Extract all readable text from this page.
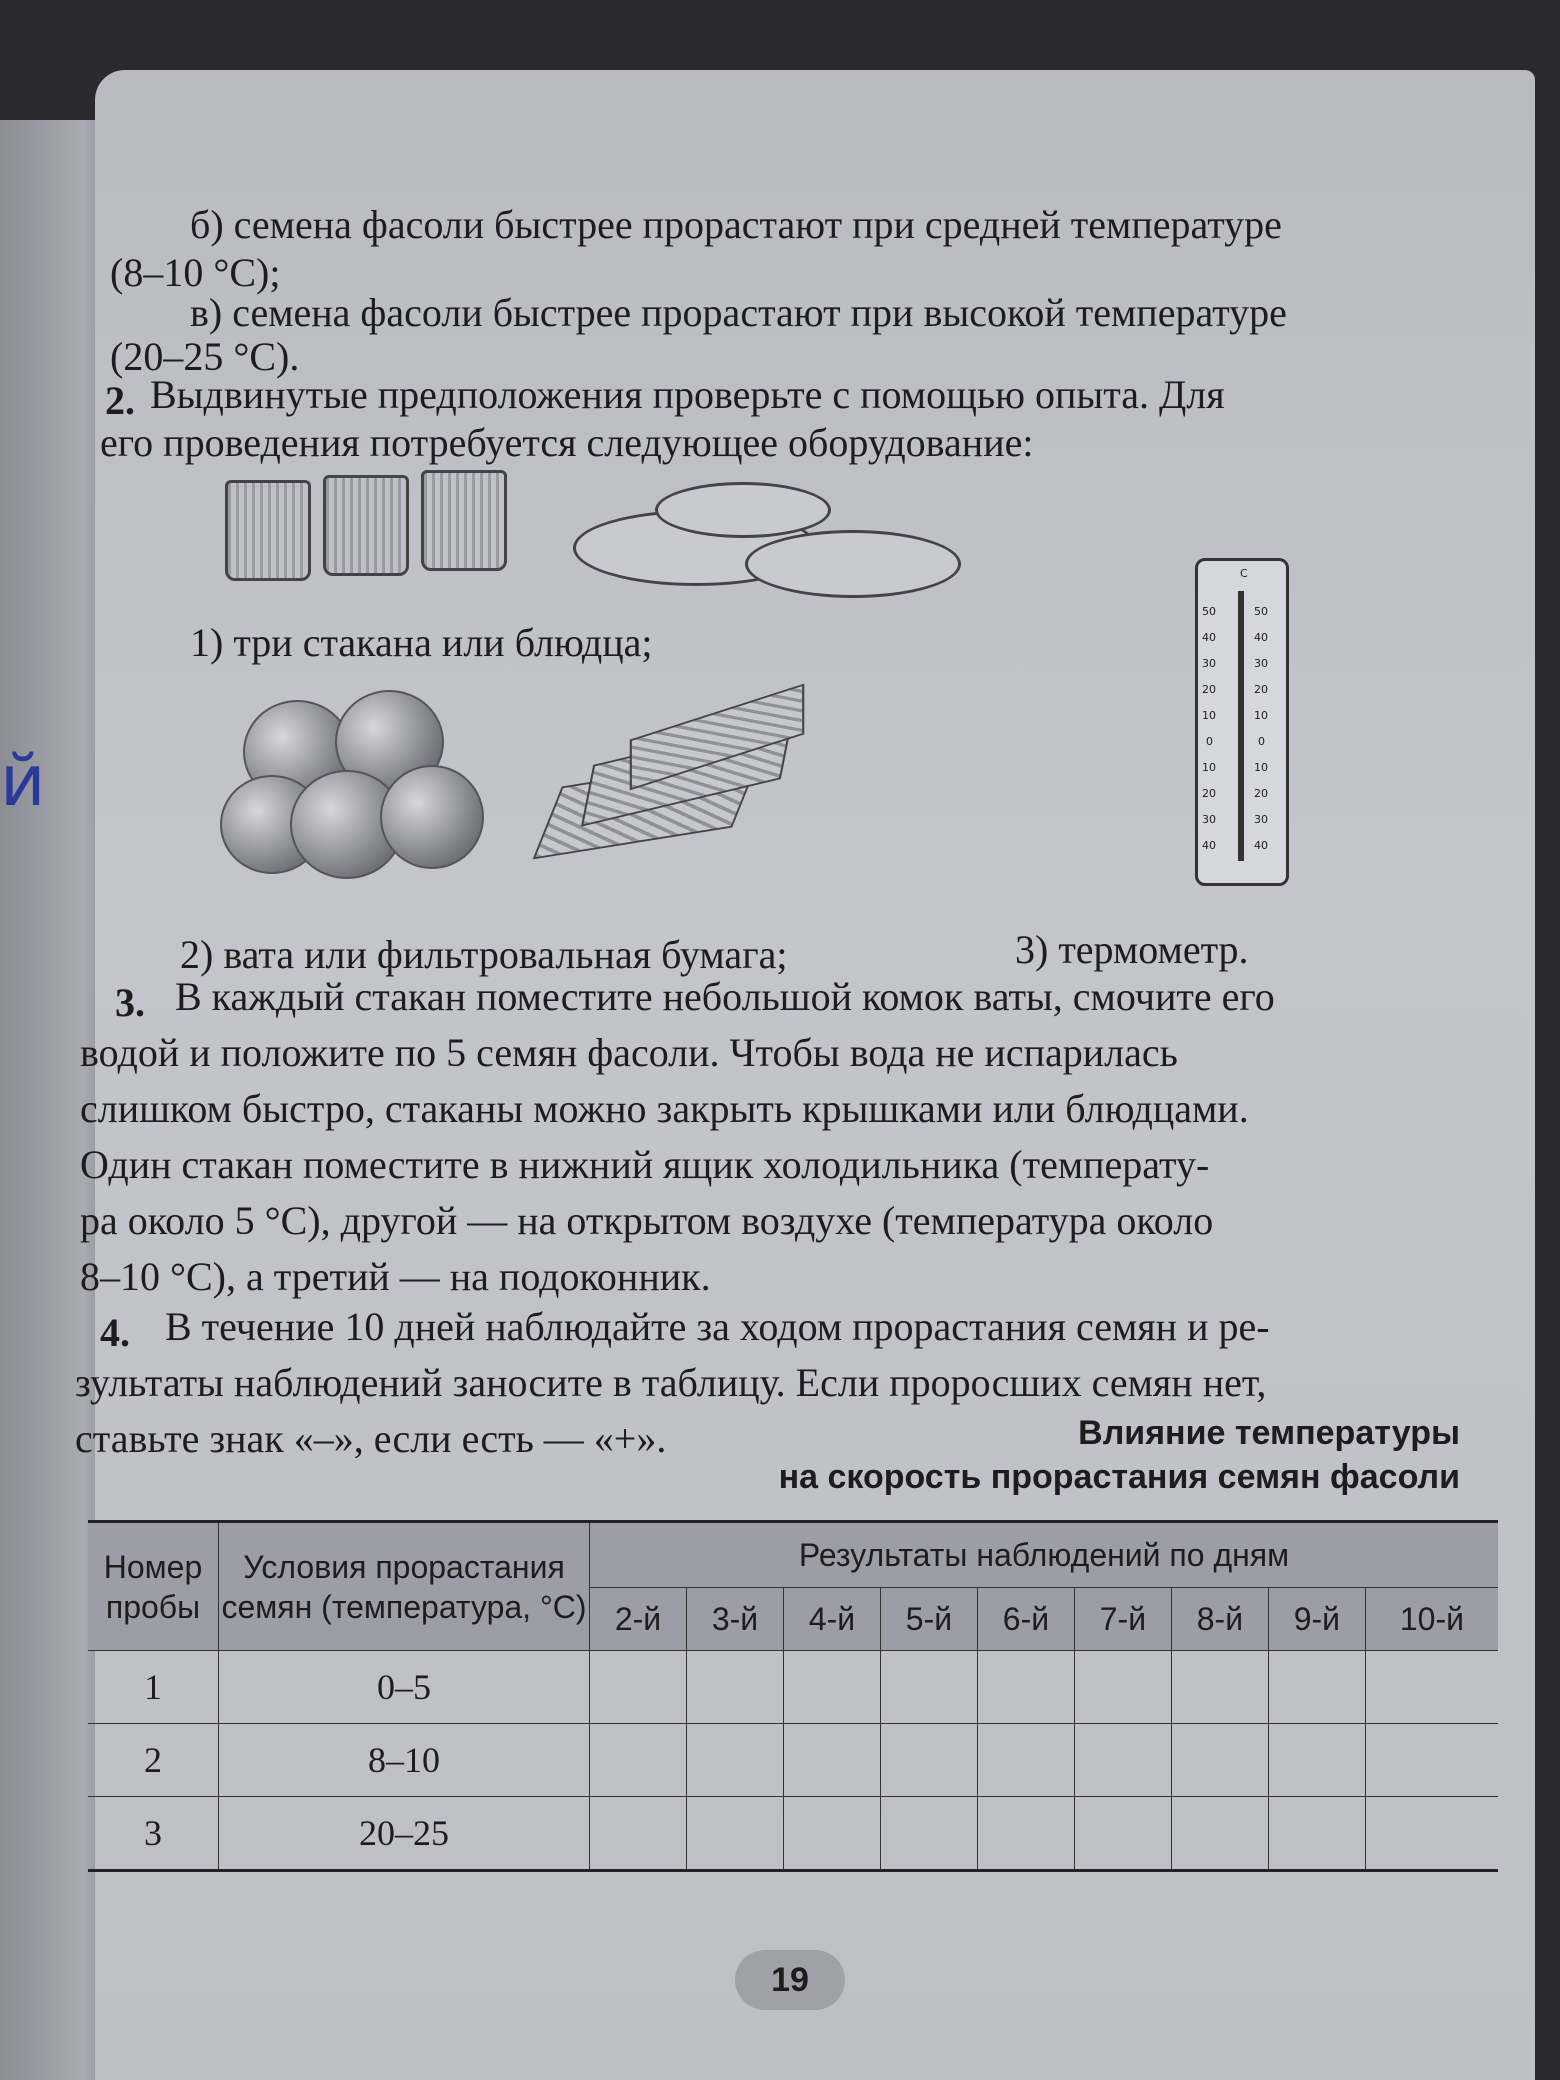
й
б) семена фасоли быстрее прорастают при средней температуре
(8–10 °С);
в) семена фасоли быстрее прорастают при высокой температуре
(20–25 °С).
2. Выдвинутые предположения проверьте с помощью опыта. Для
его проведения потребуется следующее оборудование:
1) три стакана или блюдца;
C
50
40
30
20
10
0
10
20
30
40
50
40
30
20
10
0
10
20
30
40
2) вата или фильтровальная бумага;	3) термометр.
3. В каждый стакан поместите небольшой комок ваты, смочите его
водой и положите по 5 семян фасоли. Чтобы вода не испарилась
слишком быстро, стаканы можно закрыть крышками или блюдцами.
Один стакан поместите в нижний ящик холодильника (температу-
ра около 5 °С), другой — на открытом воздухе (температура около
8–10 °С), а третий — на подоконник.
4. В течение 10 дней наблюдайте за ходом прорастания семян и ре-
зультаты наблюдений заносите в таблицу. Если проросших семян нет,
ставьте знак «–», если есть — «+».	Влияние температуры
на скорость прорастания семян фасоли
Номер пробы	Условия прорастания семян (температура, °С)	Результаты наблюдений по дням								
		2-й	3-й	4-й	5-й	6-й	7-й	8-й	9-й	10-й
1	0–5									
2	8–10									
3	20–25									
19
